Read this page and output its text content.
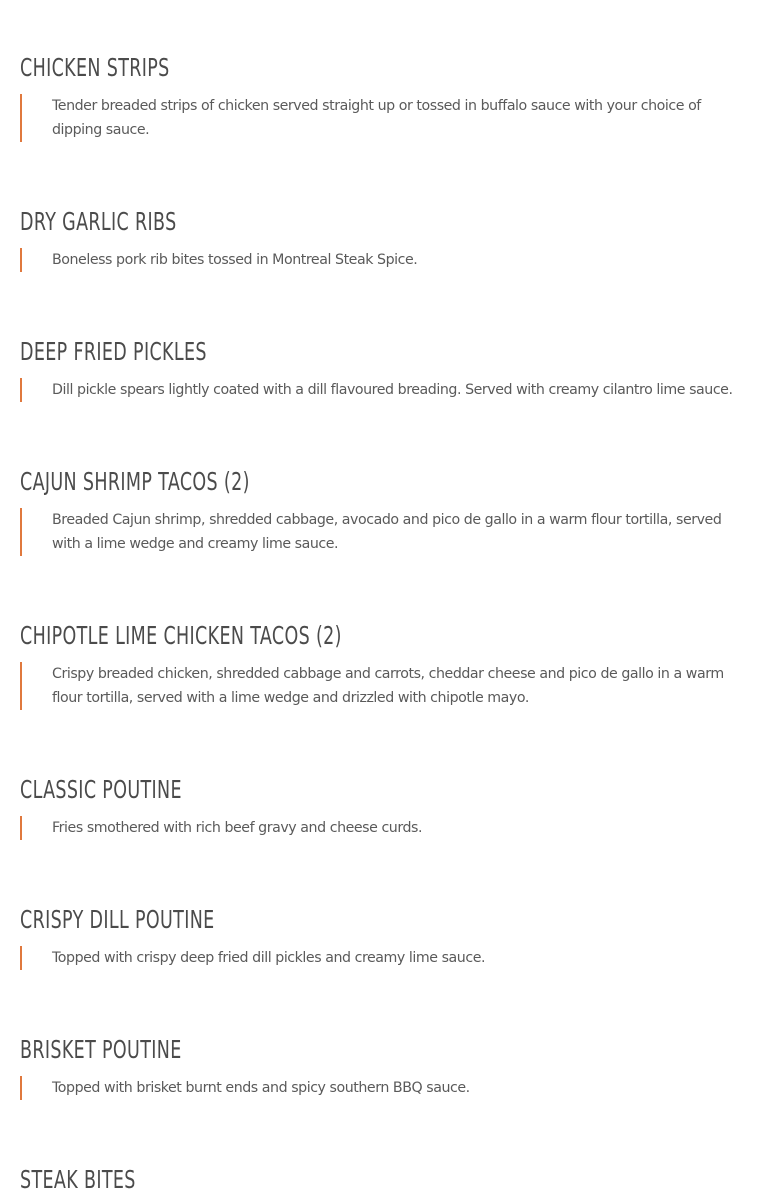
CHICKEN STRIPS
Tender breaded strips of chicken served straight up or tossed in buffalo sauce with your choice of dipping sauce.
DRY GARLIC RIBS
Boneless pork rib bites tossed in Montreal Steak Spice.
DEEP FRIED PICKLES
Dill pickle spears lightly coated with a dill flavoured breading. Served with creamy cilantro lime sauce.
CAJUN SHRIMP TACOS (2)
Breaded Cajun shrimp, shredded cabbage, avocado and pico de gallo in a warm flour tortilla, served with a lime wedge and creamy lime sauce.
CHIPOTLE LIME CHICKEN TACOS (2)
Crispy breaded chicken, shredded cabbage and carrots, cheddar cheese and pico de gallo in a warm flour tortilla, served with a lime wedge and drizzled with chipotle mayo.
CLASSIC POUTINE
Fries smothered with rich beef gravy and cheese curds.
CRISPY DILL POUTINE
Topped with crispy deep fried dill pickles and creamy lime sauce.
BRISKET POUTINE
Topped with brisket burnt ends and spicy southern BBQ sauce.
STEAK BITES
